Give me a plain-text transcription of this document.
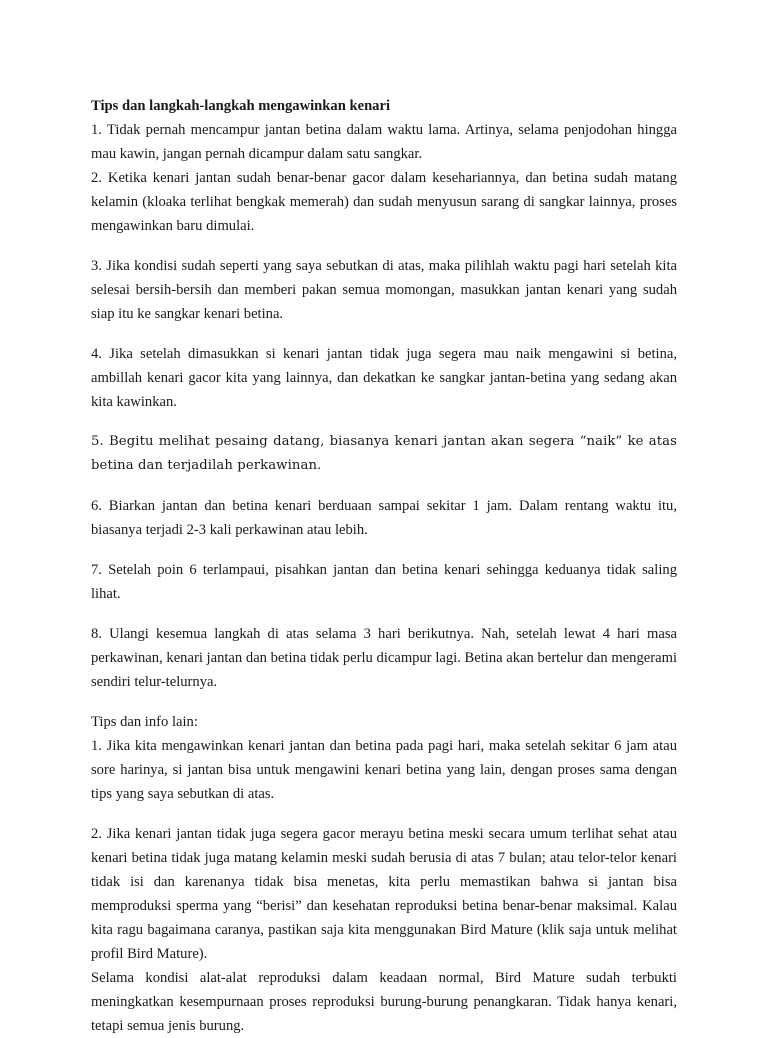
Tips dan langkah-langkah mengawinkan kenari

1. Tidak pernah mencampur jantan betina dalam waktu lama. Artinya, selama penjodohan hingga mau kawin, jangan pernah dicampur dalam satu sangkar.

2. Ketika kenari jantan sudah benar-benar gacor dalam kesehariannya, dan betina sudah matang kelamin (kloaka terlihat bengkak memerah) dan sudah menyusun sarang di sangkar lainnya, proses mengawinkan baru dimulai.

3. Jika kondisi sudah seperti yang saya sebutkan di atas, maka pilihlah waktu pagi hari setelah kita selesai bersih-bersih dan memberi pakan semua momongan, masukkan jantan kenari yang sudah siap itu ke sangkar kenari betina.

4. Jika setelah dimasukkan si kenari jantan tidak juga segera mau naik mengawini si betina, ambillah kenari gacor kita yang lainnya, dan dekatkan ke sangkar jantan-betina yang sedang akan kita kawinkan.

5. Begitu melihat pesaing datang, biasanya kenari jantan akan segera “naik” ke atas betina dan terjadilah perkawinan.

6. Biarkan jantan dan betina kenari berduaan sampai sekitar 1 jam. Dalam rentang waktu itu, biasanya terjadi 2-3 kali perkawinan atau lebih.

7. Setelah poin 6 terlampaui, pisahkan jantan dan betina kenari sehingga keduanya tidak saling lihat.

8. Ulangi kesemua langkah di atas selama 3 hari berikutnya. Nah, setelah lewat 4 hari masa perkawinan, kenari jantan dan betina tidak perlu dicampur lagi. Betina akan bertelur dan mengerami sendiri telur-telurnya.

Tips dan info lain:

1. Jika kita mengawinkan kenari jantan dan betina pada pagi hari, maka setelah sekitar 6 jam atau sore harinya, si jantan bisa untuk mengawini kenari betina yang lain, dengan proses sama dengan tips yang saya sebutkan di atas.

2. Jika kenari jantan tidak juga segera gacor merayu betina meski secara umum terlihat sehat atau kenari betina tidak juga matang kelamin meski sudah berusia di atas 7 bulan; atau telor-telor kenari tidak isi dan karenanya tidak bisa menetas, kita perlu memastikan bahwa si jantan bisa memproduksi sperma yang “berisi” dan kesehatan reproduksi betina benar-benar maksimal. Kalau kita ragu bagaimana caranya, pastikan saja kita menggunakan Bird Mature (klik saja untuk melihat profil Bird Mature).

Selama kondisi alat-alat reproduksi dalam keadaan normal, Bird Mature sudah terbukti meningkatkan kesempurnaan proses reproduksi burung-burung penangkaran. Tidak hanya kenari, tetapi semua jenis burung.
